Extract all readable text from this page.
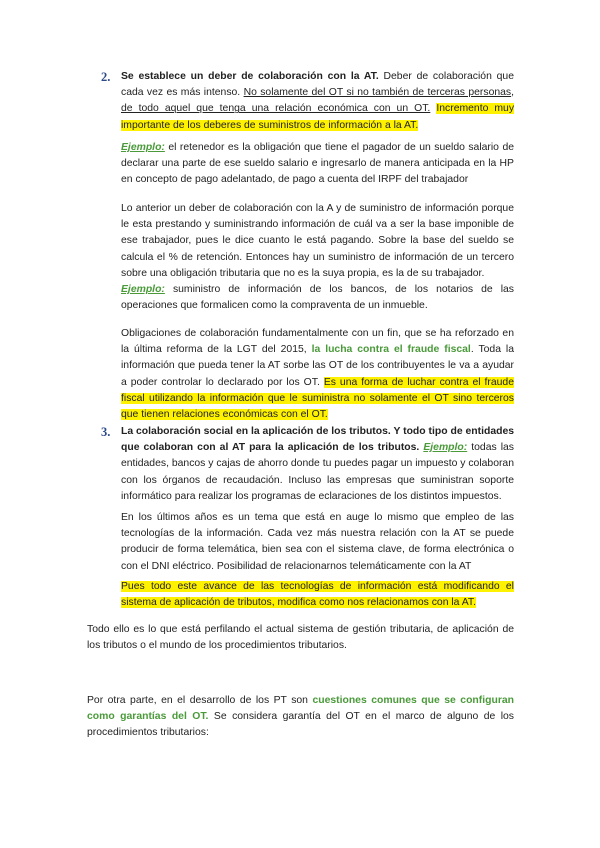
2. Se establece un deber de colaboración con la AT. Deber de colaboración que cada vez es más intenso. No solamente del OT si no también de terceras personas, de todo aquel que tenga una relación económica con un OT. Incremento muy importante de los deberes de suministros de información a la AT.

Ejemplo: el retenedor es la obligación que tiene el pagador de un sueldo salario de declarar una parte de ese sueldo salario e ingresarlo de manera anticipada en la HP en concepto de pago adelantado, de pago a cuenta del IRPF del trabajador

Lo anterior un deber de colaboración con la A y de suministro de información porque le esta prestando y suministrando información de cuál va a ser la base imponible de ese trabajador, pues le dice cuanto le está pagando. Sobre la base del sueldo se calcula el % de retención. Entonces hay un suministro de información de un tercero sobre una obligación tributaria que no es la suya propia, es la de su trabajador.

Ejemplo: suministro de información de los bancos, de los notarios de las operaciones que formalicen como la compraventa de un inmueble.

Obligaciones de colaboración fundamentalmente con un fin, que se ha reforzado en la última reforma de la LGT del 2015, la lucha contra el fraude fiscal. Toda la información que pueda tener la AT sorbe las OT de los contribuyentes le va a ayudar a poder controlar lo declarado por los OT. Es una forma de luchar contra el fraude fiscal utilizando la información que le suministra no solamente el OT sino terceros que tienen relaciones económicas con el OT.

3. La colaboración social en la aplicación de los tributos. Y todo tipo de entidades que colaboran con al AT para la aplicación de los tributos. Ejemplo: todas las entidades, bancos y cajas de ahorro donde tu puedes pagar un impuesto y colaboran con los órganos de recaudación. Incluso las empresas que suministran soporte informático para realizar los programas de eclaraciones de los distintos impuestos.

En los últimos años es un tema que está en auge lo mismo que empleo de las tecnologías de la información. Cada vez más nuestra relación con la AT se puede producir de forma telemática, bien sea con el sistema clave, de forma electrónica o con el DNI eléctrico. Posibilidad de relacionarnos telemáticamente con la AT

Pues todo este avance de las tecnologías de información está modificando el sistema de aplicación de tributos, modifica como nos relacionamos con la AT.

Todo ello es lo que está perfilando el actual sistema de gestión tributaria, de aplicación de los tributos o el mundo de los procedimientos tributarios.

Por otra parte, en el desarrollo de los PT son cuestiones comunes que se configuran como garantías del OT. Se considera garantía del OT en el marco de alguno de los procedimientos tributarios:
